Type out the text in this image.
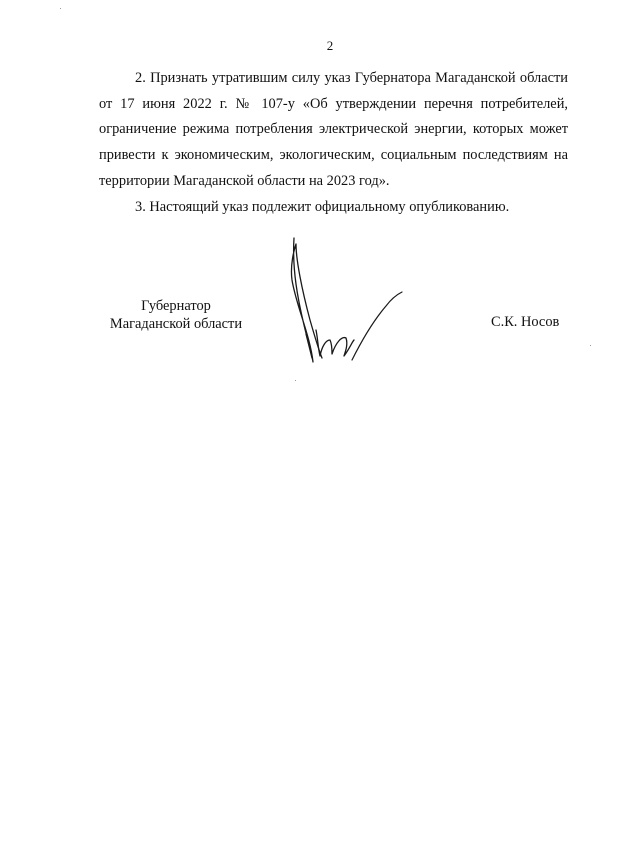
2

2. Признать утратившим силу указ Губернатора Магаданской области от 17 июня 2022 г. № 107-у «Об утверждении перечня потребителей, ограничение режима потребления электрической энергии, которых может привести к экономическим, экологическим, социальным последствиям на территории Магаданской области на 2023 год».

3. Настоящий указ подлежит официальному опубликованию.

Губернатор
Магаданской области	С.К. Носов
